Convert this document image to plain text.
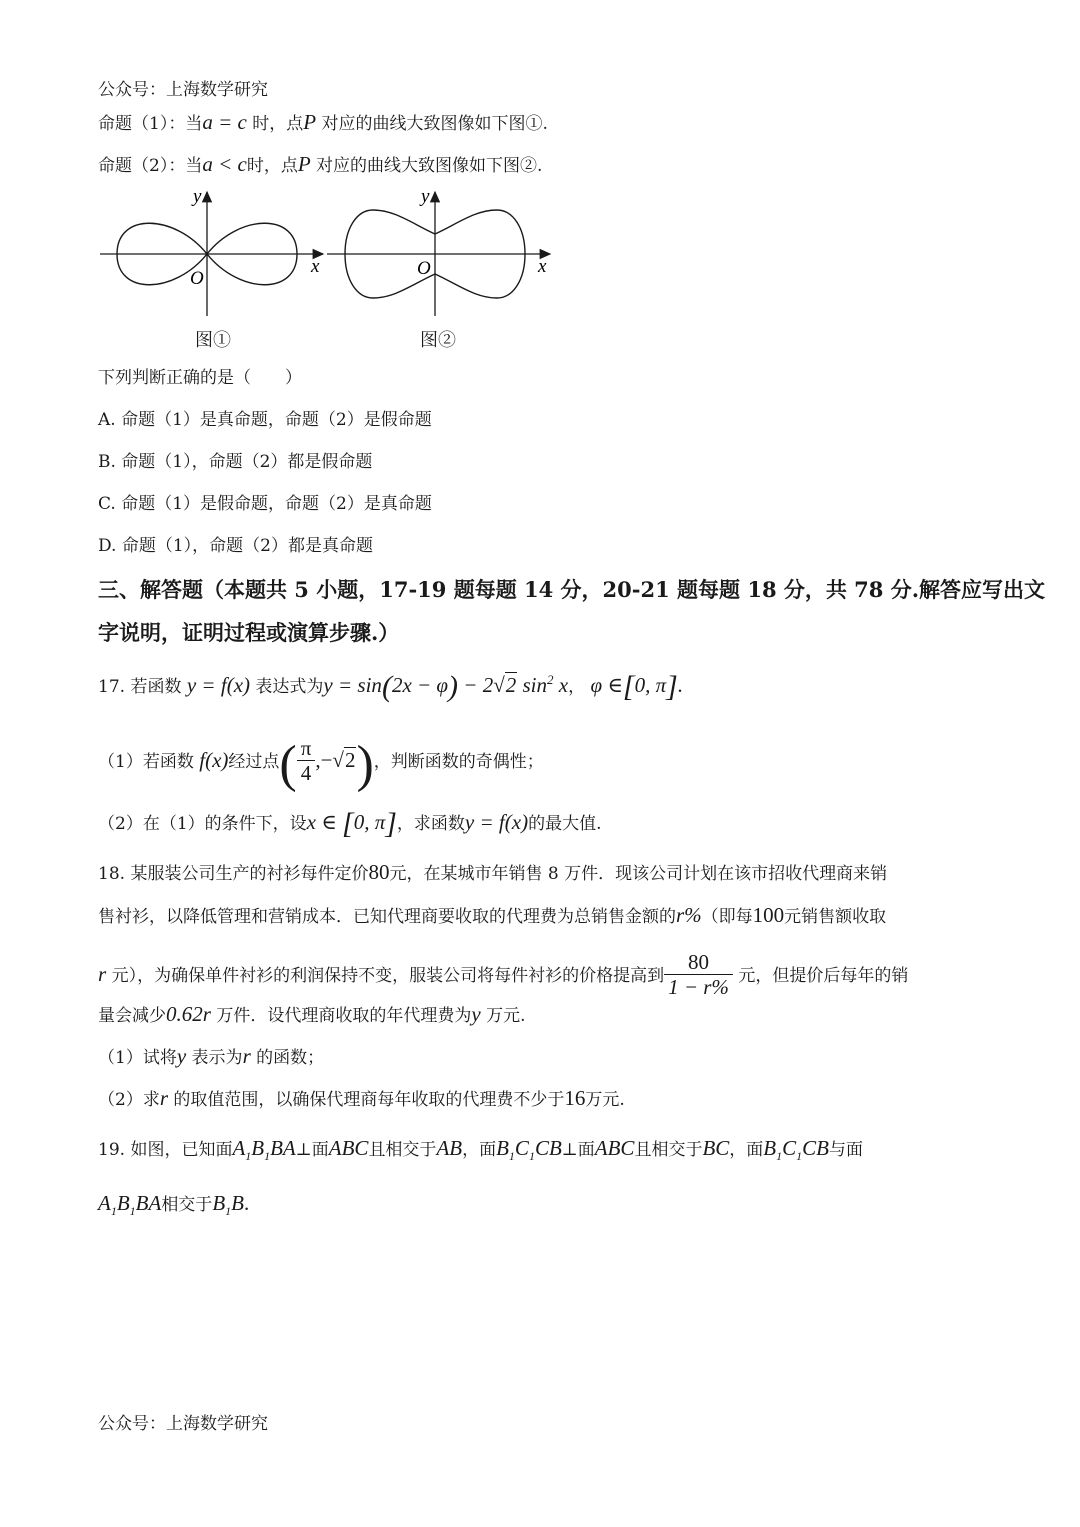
公众号：上海数学研究
命题（1）：当a = c 时，点P 对应的曲线大致图像如下图①.
命题（2）：当a < c时，点P 对应的曲线大致图像如下图②.
y
x
O
y
x
O
图①	图②
下列判断正确的是（　　）
A. 命题（1）是真命题，命题（2）是假命题
B. 命题（1），命题（2）都是假命题
C. 命题（1）是假命题，命题（2）是真命题
D. 命题（1），命题（2）都是真命题
三、解答题（本题共 5 小题，17-19 题每题 14 分，20-21 题每题 18 分，共 78 分.解答应写出文
字说明，证明过程或演算步骤.）
17. 若函数 y = f(x) 表达式为y = sin(2x − φ) − 2√2 $\sin^2 x$， φ ∈[0, π].
（1）若函数 f(x)经过点( $\frac{\pi}{4} ,-√2$)，判断函数的奇偶性；
（2）在（1）的条件下，设x ∈ [0, π]，求函数y = f(x)的最大值.
18. 某服装公司生产的衬衫每件定价80元，在某城市年销售 8 万件．现该公司计划在该市招收代理商来销
售衬衫，以降低管理和营销成本．已知代理商要收取的代理费为总销售金额的r%（即每100元销售额收取
r 元），为确保单件衬衫的利润保持不变，服装公司将每件衬衫的价格提高到 $\frac{80}{1 - r\%}$ 元，但提价后每年的销
量会减少0.62r 万件．设代理商收取的年代理费为y 万元.
（1）试将y 表示为r 的函数；
（2）求r 的取值范围，以确保代理商每年收取的代理费不少于16万元.
19. 如图，已知面$A_1B_1BA\perp$面ABC且相交于AB，面$B_1C_1CB\perp$面ABC且相交于BC，面$B_1C_1CB$与面
$A_1B_1BA$相交于$B_1B$.
公众号：上海数学研究
